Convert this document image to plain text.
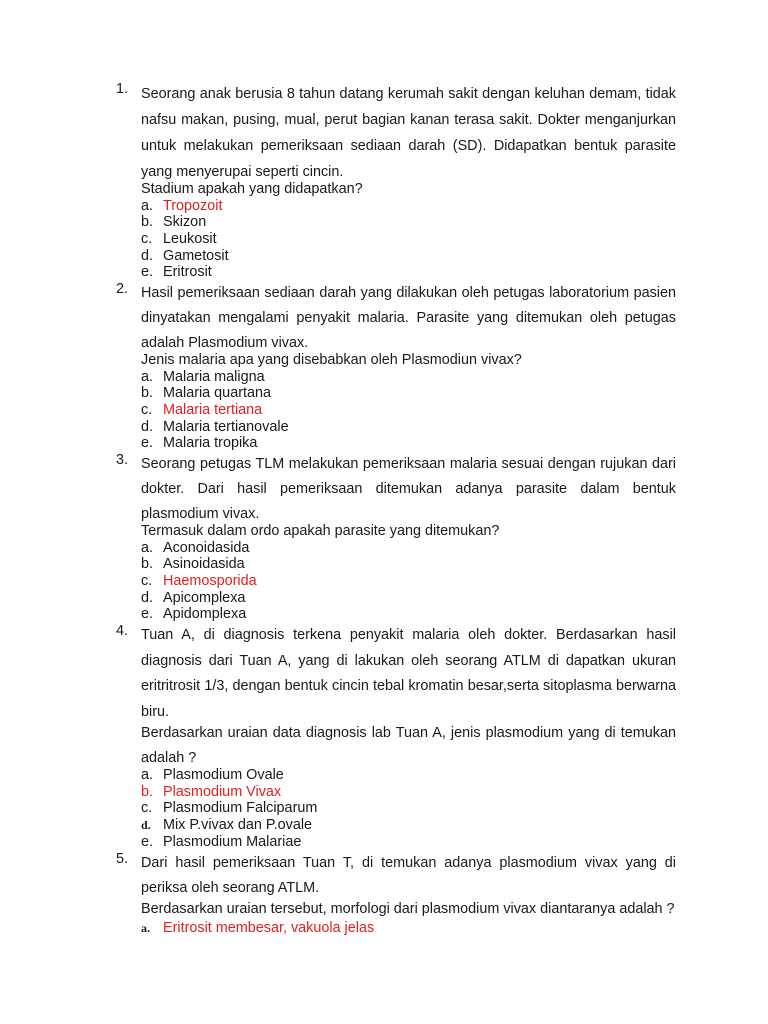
1. Seorang anak berusia 8 tahun datang kerumah sakit dengan keluhan demam, tidak nafsu makan, pusing, mual, perut bagian kanan terasa sakit. Dokter menganjurkan untuk melakukan pemeriksaan sediaan darah (SD). Didapatkan bentuk parasite yang menyerupai seperti cincin.
Stadium apakah yang didapatkan?
a. Tropozoit
b. Skizon
c. Leukosit
d. Gametosit
e. Eritrosit
2. Hasil pemeriksaan sediaan darah yang dilakukan oleh petugas laboratorium pasien dinyatakan mengalami penyakit malaria. Parasite yang ditemukan oleh petugas adalah Plasmodium vivax.
Jenis malaria apa yang disebabkan oleh Plasmodiun vivax?
a. Malaria maligna
b. Malaria quartana
c. Malaria tertiana
d. Malaria tertianovale
e. Malaria tropika
3. Seorang petugas TLM melakukan pemeriksaan malaria sesuai dengan rujukan dari dokter. Dari hasil pemeriksaan ditemukan adanya parasite dalam bentuk plasmodium vivax.
Termasuk dalam ordo apakah parasite yang ditemukan?
a. Aconoidasida
b. Asinoidasida
c. Haemosporida
d. Apicomplexa
e. Apidomplexa
4. Tuan A, di diagnosis terkena penyakit malaria oleh dokter. Berdasarkan hasil diagnosis dari Tuan A, yang di lakukan oleh seorang ATLM di dapatkan ukuran eritritrosit 1/3, dengan bentuk cincin tebal kromatin besar,serta sitoplasma berwarna biru.
Berdasarkan uraian data diagnosis lab Tuan A, jenis plasmodium yang di temukan adalah ?
a. Plasmodium Ovale
b. Plasmodium Vivax
c. Plasmodium Falciparum
d. Mix P.vivax dan P.ovale
e. Plasmodium Malariae
5. Dari hasil pemeriksaan Tuan T, di temukan adanya plasmodium vivax yang di periksa oleh seorang ATLM.
Berdasarkan uraian tersebut, morfologi dari plasmodium vivax diantaranya adalah ?
a. Eritrosit membesar, vakuola jelas
